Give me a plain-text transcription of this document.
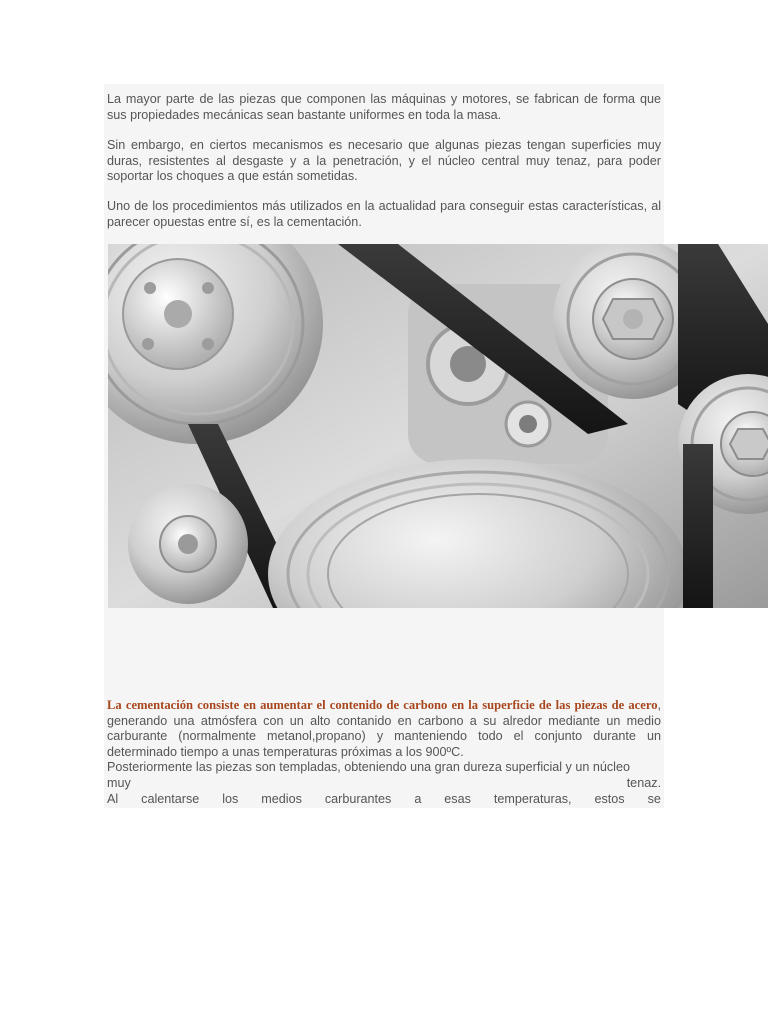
La mayor parte de las piezas que componen las máquinas y motores, se fabrican de forma que sus propiedades mecánicas sean bastante uniformes en toda la masa.

Sin embargo, en ciertos mecanismos es necesario que algunas piezas tengan superficies muy duras, resistentes al desgaste y a la penetración, y el núcleo central muy tenaz, para poder soportar los choques a que están sometidas.

Uno de los procedimientos más utilizados en la actualidad para conseguir estas características, al parecer opuestas entre sí, es la cementación.

La cementación consiste en aumentar el contenido de carbono en la superficie de las piezas de acero, generando una atmósfera con un alto contanido en carbono a su alredor mediante un medio carburante (normalmente metanol,propano) y manteniendo todo el conjunto durante un determinado tiempo a unas temperaturas próximas a los 900ºC.
Posteriormente las piezas son templadas, obteniendo una gran dureza superficial y un núcleo
muy	tenaz.
Al calentarse los medios carburantes a esas temperaturas, estos se
